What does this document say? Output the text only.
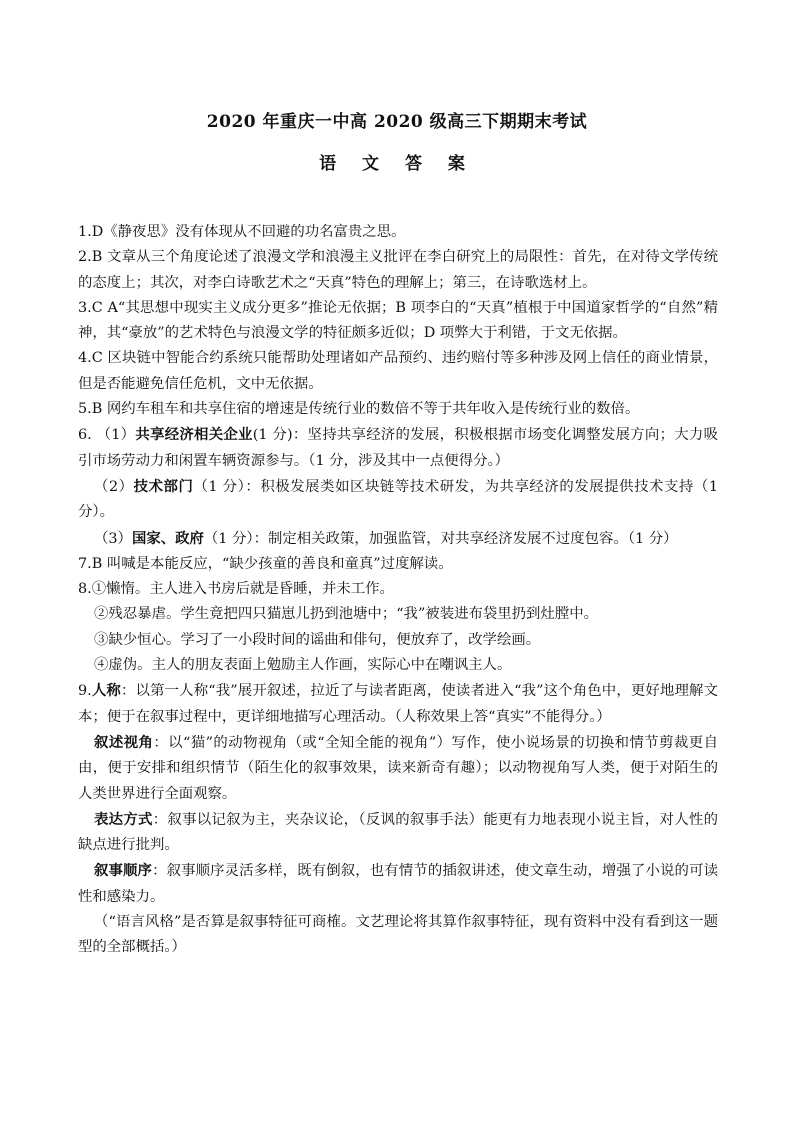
2020 年重庆一中高 2020 级高三下期期末考试
语 文 答 案

1.D《静夜思》没有体现从不回避的功名富贵之思。

2.B 文章从三个角度论述了浪漫文学和浪漫主义批评在李白研究上的局限性：首先，在对待文学传统的态度上；其次，对李白诗歌艺术之“天真”特色的理解上；第三，在诗歌选材上。

3.C A“其思想中现实主义成分更多”推论无依据；B 项李白的“天真”植根于中国道家哲学的“自然”精神，其“豪放”的艺术特色与浪漫文学的特征颇多近似；D 项弊大于利错，于文无依据。

4.C 区块链中智能合约系统只能帮助处理诸如产品预约、违约赔付等多种涉及网上信任的商业情景，但是否能避免信任危机，文中无依据。

5.B 网约车租车和共享住宿的增速是传统行业的数倍不等于共年收入是传统行业的数倍。

6. （1）共享经济相关企业(1 分)：坚持共享经济的发展，积极根据市场变化调整发展方向；大力吸引市场劳动力和闲置车辆资源参与。（1 分，涉及其中一点便得分。）

（2）技术部门（1 分）：积极发展类如区块链等技术研发，为共享经济的发展提供技术支持（1 分）。

（3）国家、政府（1 分）：制定相关政策，加强监管，对共享经济发展不过度包容。（1 分）

7.B 叫喊是本能反应，“缺少孩童的善良和童真”过度解读。

8.①懒惰。主人进入书房后就是昏睡，并未工作。

②残忍暴虐。学生竟把四只猫崽儿扔到池塘中；“我”被装进布袋里扔到灶膛中。

③缺少恒心。学习了一小段时间的谣曲和俳句，便放弃了，改学绘画。

④虚伪。主人的朋友表面上勉励主人作画，实际心中在嘲讽主人。

9.人称：以第一人称“我”展开叙述，拉近了与读者距离，使读者进入“我”这个角色中，更好地理解文本；便于在叙事过程中，更详细地描写心理活动。（人称效果上答“真实”不能得分。）

叙述视角：以“猫”的动物视角（或“全知全能的视角”）写作，使小说场景的切换和情节剪裁更自由，便于安排和组织情节（陌生化的叙事效果，读来新奇有趣）；以动物视角写人类，便于对陌生的人类世界进行全面观察。

表达方式：叙事以记叙为主，夹杂议论，（反讽的叙事手法）能更有力地表现小说主旨，对人性的缺点进行批判。

叙事顺序：叙事顺序灵活多样，既有倒叙，也有情节的插叙讲述，使文章生动，增强了小说的可读性和感染力。

（“语言风格”是否算是叙事特征可商榷。文艺理论将其算作叙事特征，现有资料中没有看到这一题型的全部概括。）
